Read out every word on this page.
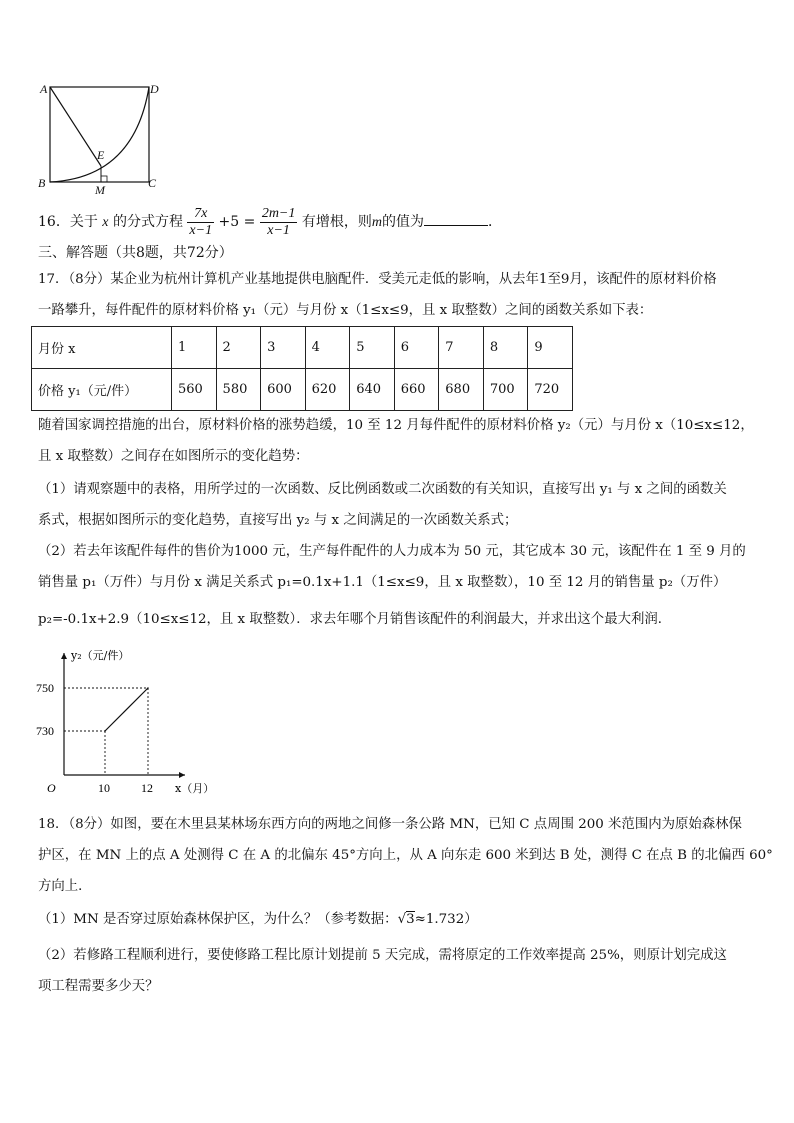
A	D
E
B	C
M
16．关于 x 的分式方程 $\frac{7x}{x-1} +5 = \frac{2m-1}{x-1}$ 有增根，则m的值为	．
三、解答题（共8题，共72分）
17．（8分）某企业为杭州计算机产业基地提供电脑配件．受美元走低的影响，从去年1至9月，该配件的原材料价格
一路攀升，每件配件的原材料价格 y₁（元）与月份 x（1≤x≤9，且 x 取整数）之间的函数关系如下表：
月份 x	1	2	3	4	5	6	7	8	9
价格 y₁（元/件）	560	580	600	620	640	660	680	700	720
随着国家调控措施的出台，原材料价格的涨势趋缓，10 至 12 月每件配件的原材料价格 y₂（元）与月份 x（10≤x≤12，
且 x 取整数）之间存在如图所示的变化趋势：
（1）请观察题中的表格，用所学过的一次函数、反比例函数或二次函数的有关知识，直接写出 y₁ 与 x 之间的函数关
系式，根据如图所示的变化趋势，直接写出 y₂ 与 x 之间满足的一次函数关系式；
（2）若去年该配件每件的售价为1000 元，生产每件配件的人力成本为 50 元，其它成本 30 元，该配件在 1 至 9 月的
销售量 p₁（万件）与月份 x 满足关系式 p₁=0.1x+1.1（1≤x≤9，且 x 取整数），10 至 12 月的销售量 p₂（万件）
p₂=-0.1x+2.9（10≤x≤12，且 x 取整数）．求去年哪个月销售该配件的利润最大，并求出这个最大利润．
750
730
10	12
O
y₂（元/件）
x（月）
18．（8分）如图，要在木里县某林场东西方向的两地之间修一条公路 MN，已知 C 点周围 200 米范围内为原始森林保
护区，在 MN 上的点 A 处测得 C 在 A 的北偏东 45°方向上，从 A 向东走 600 米到达 B 处，测得 C 在点 B 的北偏西 60°
方向上．
（1）MN 是否穿过原始森林保护区，为什么？（参考数据：√3≈1.732）
（2）若修路工程顺利进行，要使修路工程比原计划提前 5 天完成，需将原定的工作效率提高 25%，则原计划完成这
项工程需要多少天？
